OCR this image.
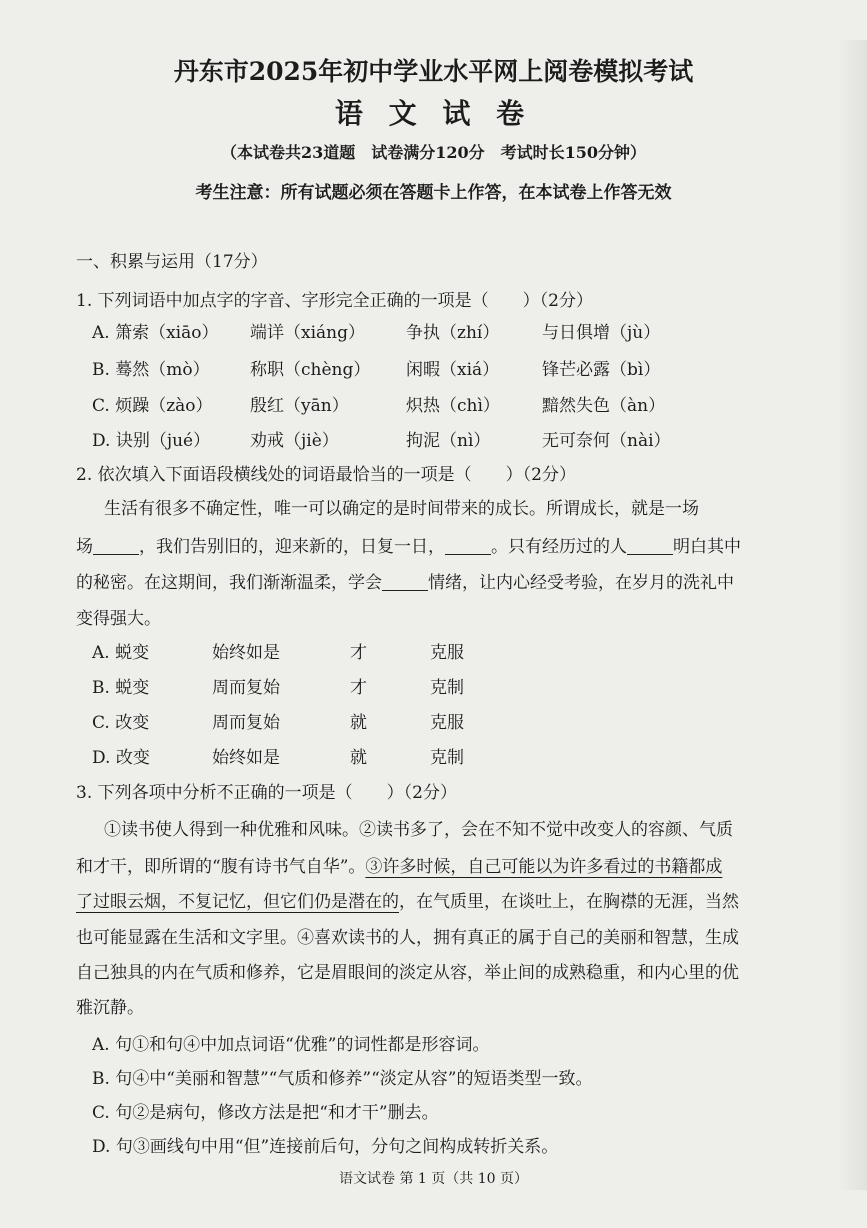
丹东市2025年初中学业水平网上阅卷模拟考试
语 文 试 卷
（本试卷共23道题　试卷满分120分　考试时长150分钟）
考生注意：所有试题必须在答题卡上作答，在本试卷上作答无效
一、积累与运用（17分）
1. 下列词语中加点字的字音、字形完全正确的一项是（　　）（2分）
A. 箫索（xiāo） 端详（xiáng） 争执（zhí）	与日俱增（jù）
B. 蓦然（mò） 称职（chèng） 闲暇（xiá）	锋芒必露（bì）
C. 烦躁（zào） 殷红（yān）	炽热（chì） 黯然失色（àn）
D. 诀别（jué） 劝戒（jiè）	拘泥（nì）	无可奈何（nài）
2. 依次填入下面语段横线处的词语最恰当的一项是（　　）（2分）
生活有很多不确定性，唯一可以确定的是时间带来的成长。所谓成长，就是一场
场	，我们告别旧的，迎来新的，日复一日，	。只有经历过的人	明白其中
的秘密。在这期间，我们渐渐温柔，学会	情绪，让内心经受考验，在岁月的洗礼中
变得强大。
A. 蜕变	始终如是	才	克服
B. 蜕变	周而复始	才	克制
C. 改变	周而复始	就	克服
D. 改变	始终如是	就	克制
3. 下列各项中分析不正确的一项是（　　）（2分）
①读书使人得到一种优雅和风味。②读书多了，会在不知不觉中改变人的容颜、气质
和才干，即所谓的“腹有诗书气自华”。③许多时候，自己可能以为许多看过的书籍都成
了过眼云烟，不复记忆，但它们仍是潜在的，在气质里，在谈吐上，在胸襟的无涯，当然
也可能显露在生活和文字里。④喜欢读书的人，拥有真正的属于自己的美丽和智慧，生成
自己独具的内在气质和修养，它是眉眼间的淡定从容，举止间的成熟稳重，和内心里的优
雅沉静。
A. 句①和句④中加点词语“优雅”的词性都是形容词。
B. 句④中“美丽和智慧”“气质和修养”“淡定从容”的短语类型一致。
C. 句②是病句，修改方法是把“和才干”删去。
D. 句③画线句中用“但”连接前后句，分句之间构成转折关系。
语文试卷 第 1 页（共 10 页）
